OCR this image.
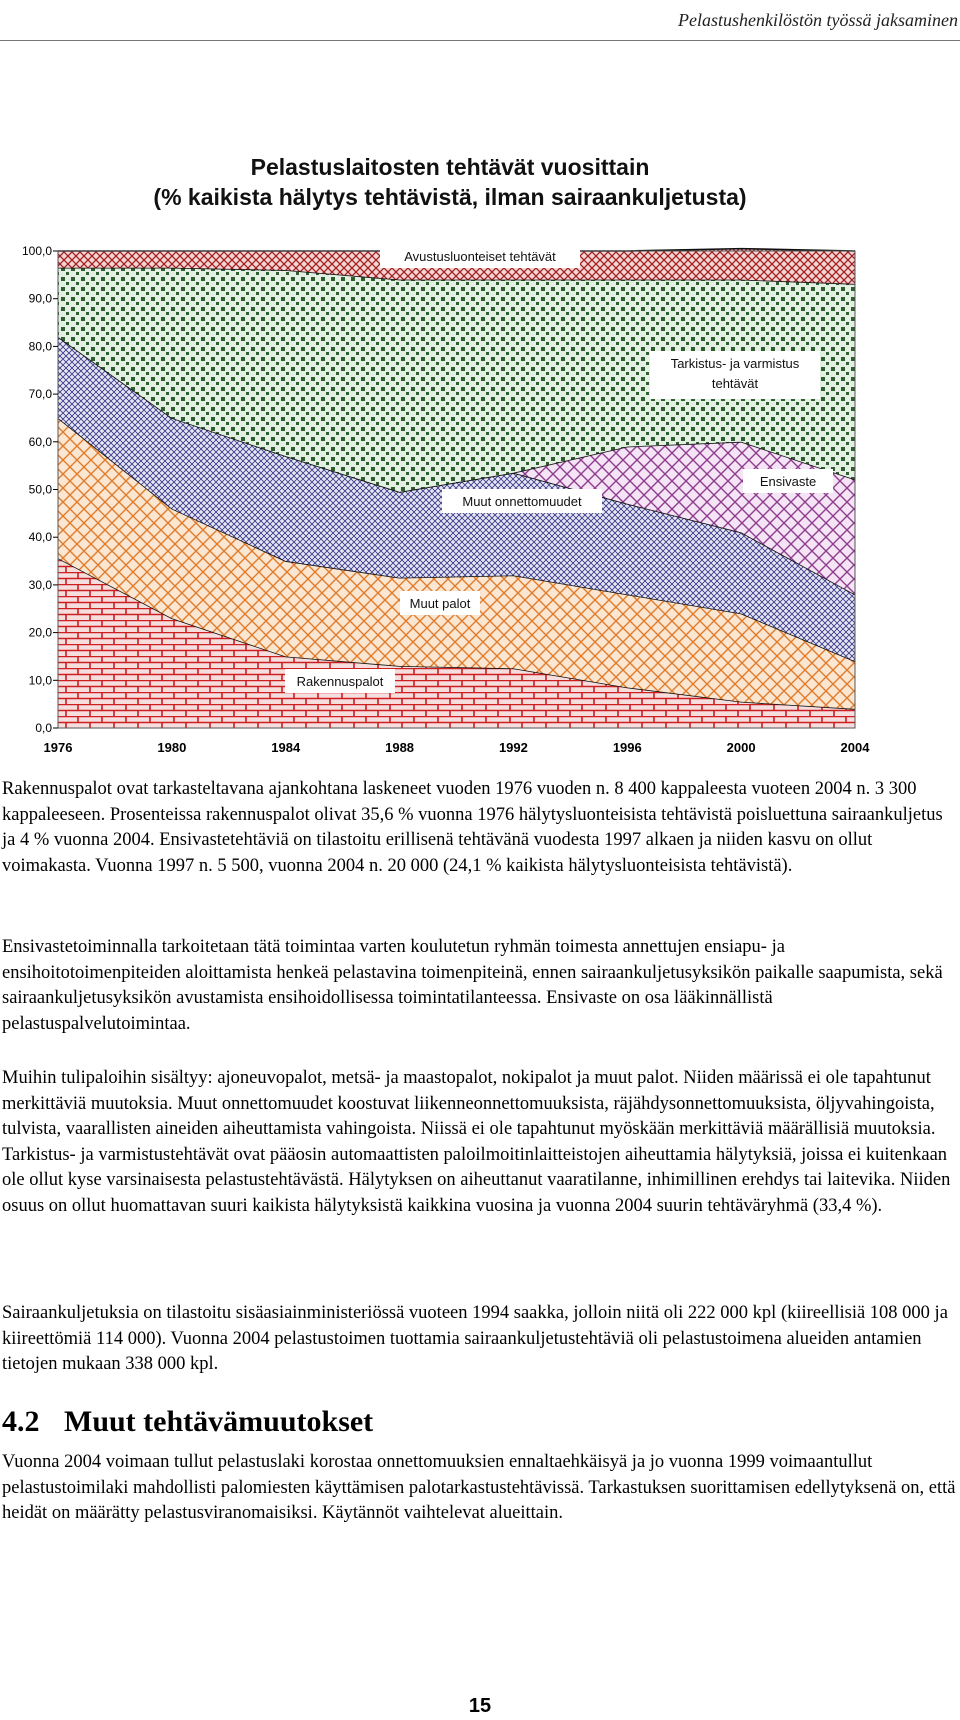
Pelastushenkilöstön työssä jaksaminen
Pelastuslaitosten tehtävät vuosittain
(% kaikista hälytys tehtävistä, ilman sairaankuljetusta)
0,0
10,0
20,0
30,0
40,0
50,0
60,0
70,0
80,0
90,0
100,0
1976	1980	1984	1988	1992	1996	2000	2004
Avustusluonteiset tehtävät
Tarkistus- ja varmistus
tehtävät
Ensivaste
Muut onnettomuudet
Muut palot
Rakennuspalot

Rakennuspalot ovat tarkasteltavana ajankohtana laskeneet vuoden 1976 vuoden n. 8 400 kappaleesta vuoteen 2004 n. 3 300 kappaleeseen. Prosenteissa rakennuspalot olivat 35,6 % vuonna 1976 hälytysluonteisista tehtävistä poisluettuna sairaankuljetus ja 4 % vuonna 2004. Ensivastetehtäviä on tilastoitu erillisenä tehtävänä vuodesta 1997 alkaen ja niiden kasvu on ollut voimakasta. Vuonna 1997 n. 5 500, vuonna 2004 n. 20 000 (24,1 % kaikista hälytysluonteisista tehtävistä).

Ensivastetoiminnalla tarkoitetaan tätä toimintaa varten koulutetun ryhmän toimesta annettujen ensiapu- ja ensihoitotoimenpiteiden aloittamista henkeä pelastavina toimenpiteinä, ennen sairaankuljetusyksikön paikalle saapumista, sekä sairaankuljetusyksikön avustamista ensihoidollisessa toimintatilanteessa. Ensivaste on osa lääkinnällistä pelastuspalvelutoimintaa.

Muihin tulipaloihin sisältyy: ajoneuvopalot, metsä- ja maastopalot, nokipalot ja muut palot. Niiden määrissä ei ole tapahtunut merkittäviä muutoksia. Muut onnettomuudet koostuvat liikenneonnettomuuksista, räjähdysonnettomuuksista, öljyvahingoista, tulvista, vaarallisten aineiden aiheuttamista vahingoista. Niissä ei ole tapahtunut myöskään merkittäviä määrällisiä muutoksia. Tarkistus- ja varmistustehtävät ovat pääosin automaattisten paloilmoitinlaitteistojen aiheuttamia hälytyksiä, joissa ei kuitenkaan ole ollut kyse varsinaisesta pelastustehtävästä. Hälytyksen on aiheuttanut vaaratilanne, inhimillinen erehdys tai laitevika. Niiden osuus on ollut huomattavan suuri kaikista hälytyksistä kaikkina vuosina ja vuonna 2004 suurin tehtäväryhmä (33,4 %).

Sairaankuljetuksia on tilastoitu sisäasiainministeriössä vuoteen 1994 saakka, jolloin niitä oli 222 000 kpl (kiireellisiä 108 000 ja kiireettömiä 114 000). Vuonna 2004 pelastustoimen tuottamia sairaankuljetustehtäviä oli pelastustoimena alueiden antamien tietojen mukaan 338 000 kpl.

4.2 Muut tehtävämuutokset

Vuonna 2004 voimaan tullut pelastuslaki korostaa onnettomuuksien ennaltaehkäisyä ja jo vuonna 1999 voimaantullut pelastustoimilaki mahdollisti palomiesten käyttämisen palotarkastustehtävissä. Tarkastuksen suorittamisen edellytyksenä on, että heidät on määrätty pelastusviranomaisiksi. Käytännöt vaihtelevat alueittain.

15
